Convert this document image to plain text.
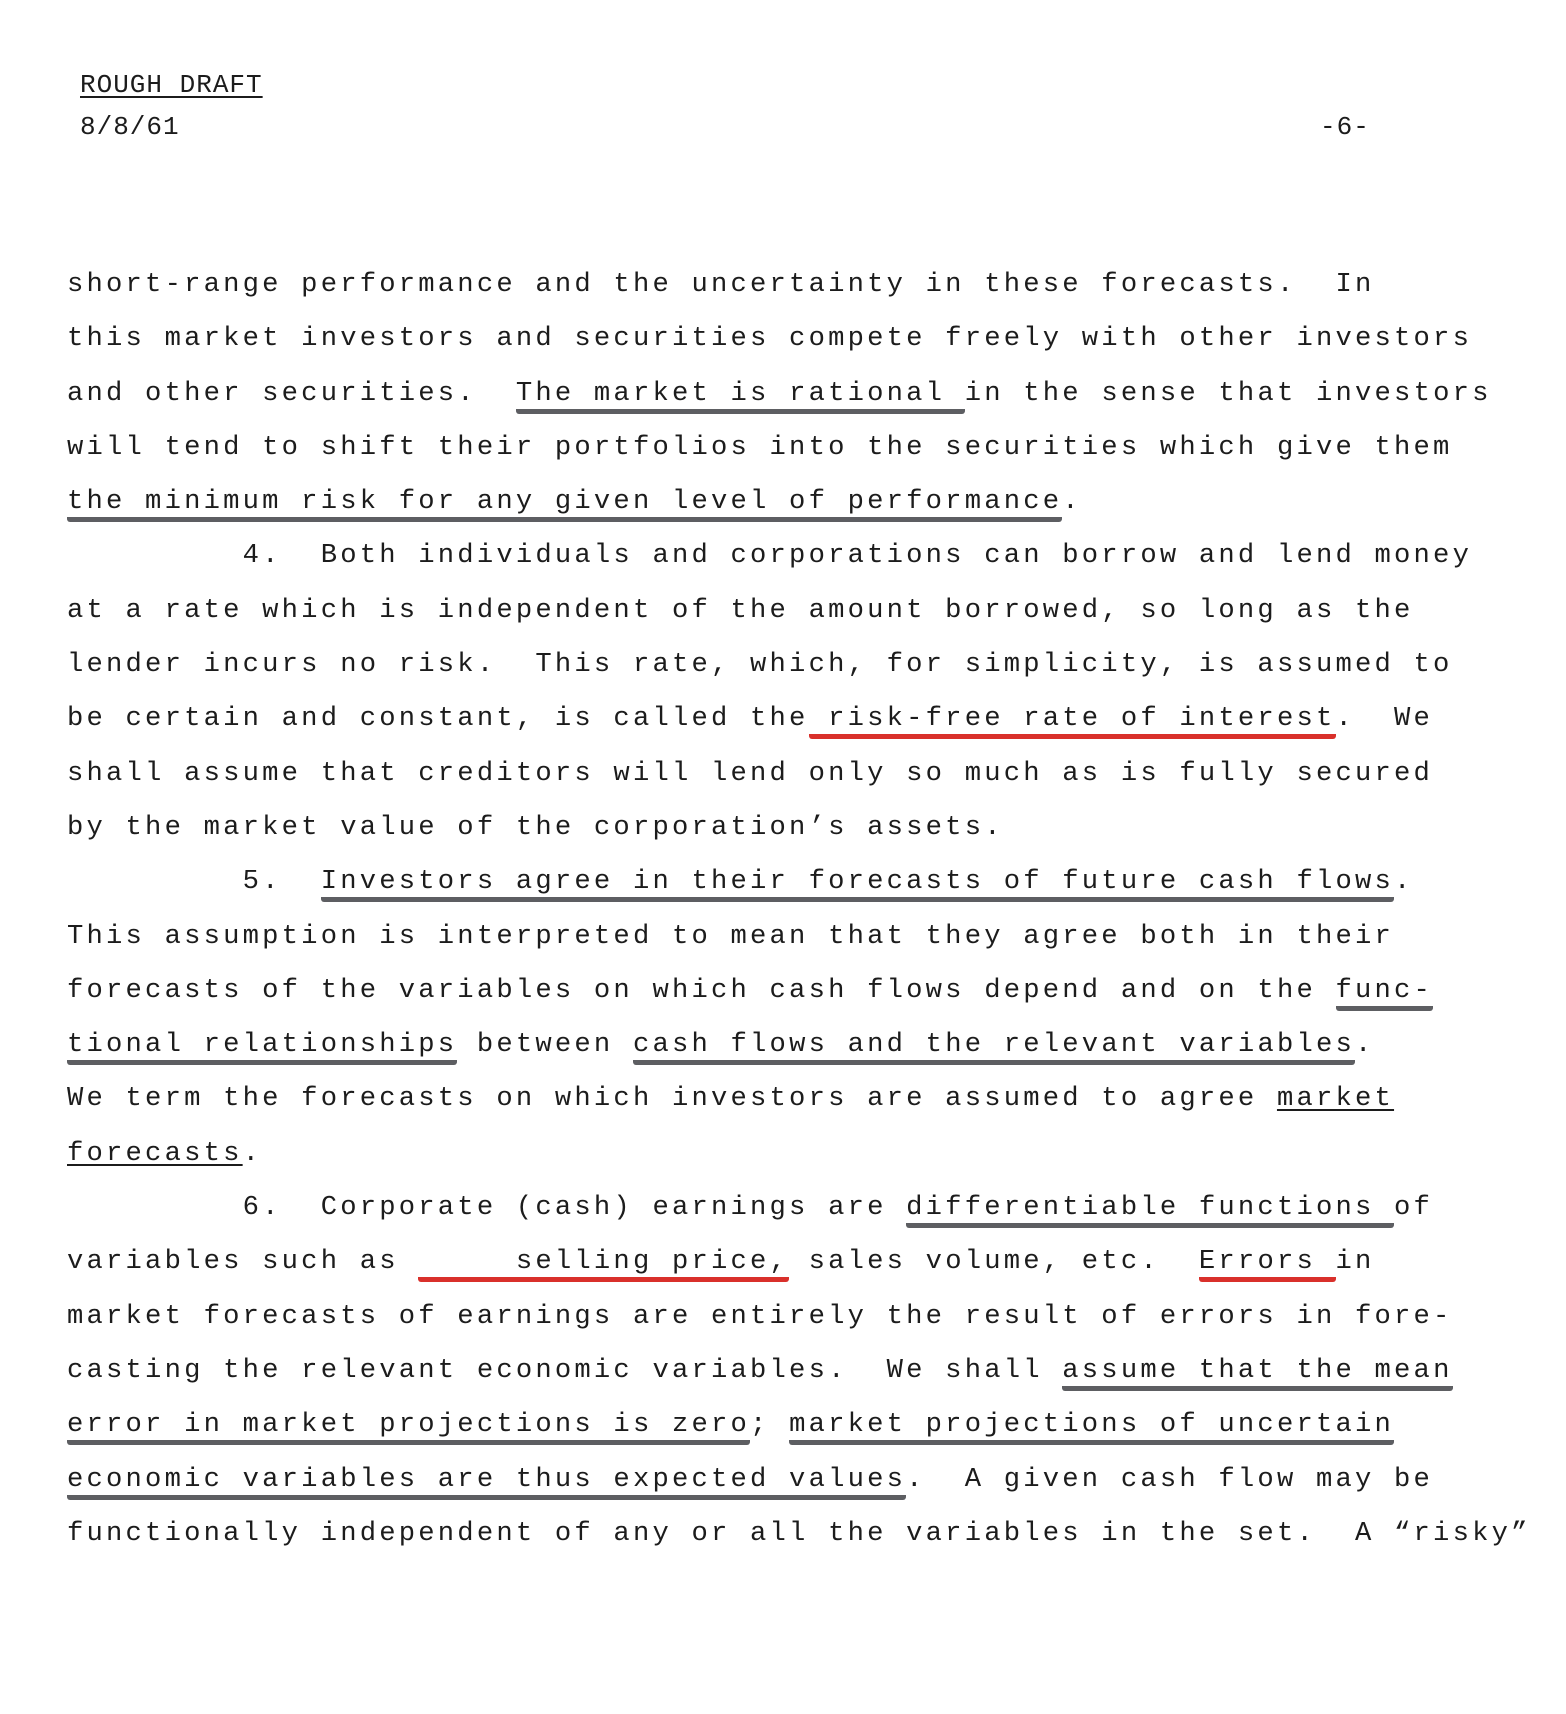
ROUGH DRAFT
8/8/61	-6-
short-range performance and the uncertainty in these forecasts.  In
this market investors and securities compete freely with other investors
and other securities.  The market is rational in the sense that investors
will tend to shift their portfolios into the securities which give them
the minimum risk for any given level of performance.
4.  Both individuals and corporations can borrow and lend money
at a rate which is independent of the amount borrowed, so long as the
lender incurs no risk.  This rate, which, for simplicity, is assumed to
be certain and constant, is called the risk-free rate of interest.  We
shall assume that creditors will lend only so much as is fully secured
by the market value of the corporation’s assets.
5.  Investors agree in their forecasts of future cash flows.
This assumption is interpreted to mean that they agree both in their
forecasts of the variables on which cash flows depend and on the func-
tional relationships between cash flows and the relevant variables.
We term the forecasts on which investors are assumed to agree market
forecasts.
6.  Corporate (cash) earnings are differentiable functions of
variables such as      selling price, sales volume, etc.  Errors in
market forecasts of earnings are entirely the result of errors in fore-
casting the relevant economic variables.  We shall assume that the mean
error in market projections is zero; market projections of uncertain
economic variables are thus expected values.  A given cash flow may be
functionally independent of any or all the variables in the set.  A “risky”
